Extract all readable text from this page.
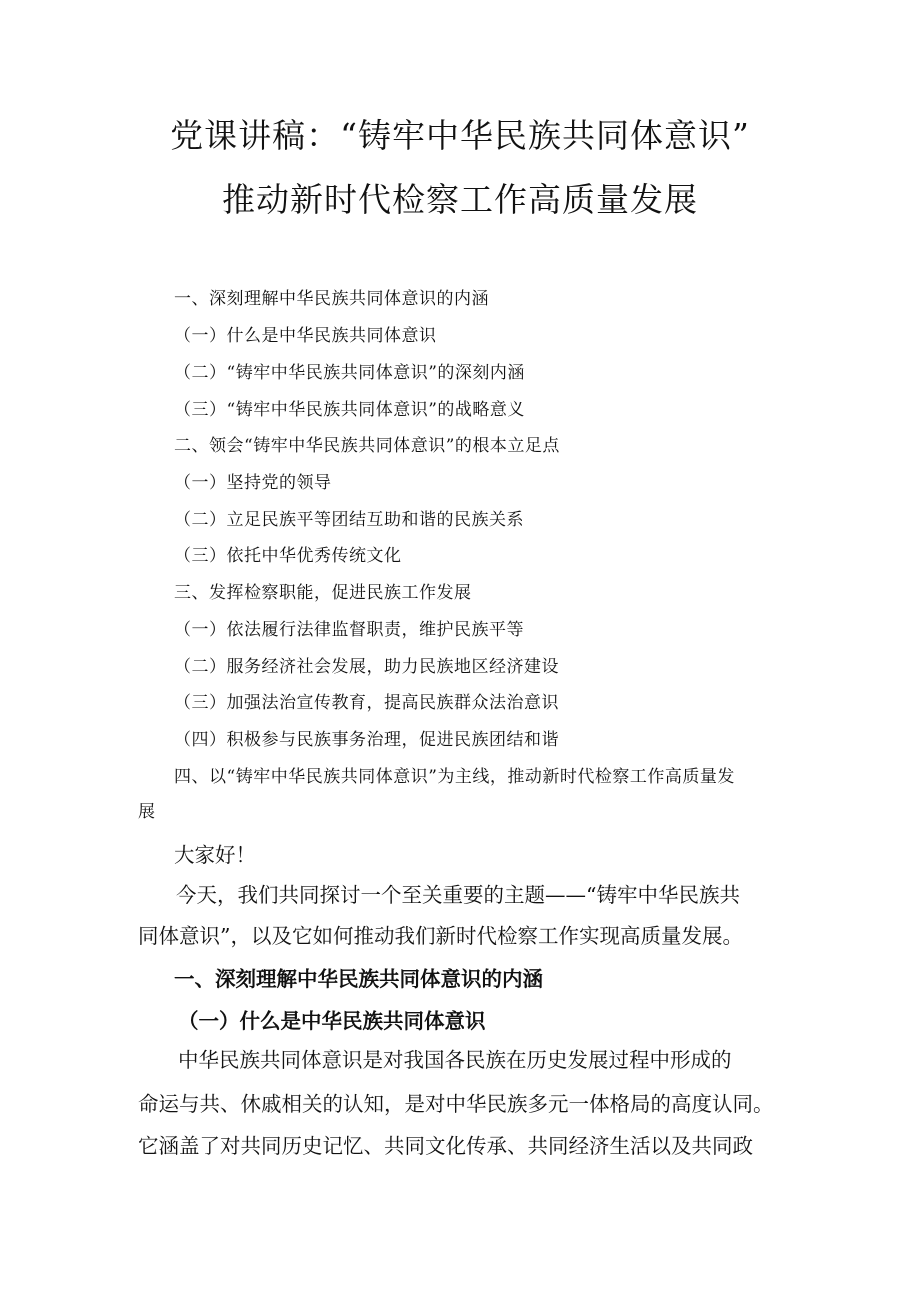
党课讲稿：“铸牢中华民族共同体意识”
推动新时代检察工作高质量发展
一、深刻理解中华民族共同体意识的内涵
（一）什么是中华民族共同体意识
（二）“铸牢中华民族共同体意识”的深刻内涵
（三）“铸牢中华民族共同体意识”的战略意义
二、领会“铸牢中华民族共同体意识”的根本立足点
（一）坚持党的领导
（二）立足民族平等团结互助和谐的民族关系
（三）依托中华优秀传统文化
三、发挥检察职能，促进民族工作发展
（一）依法履行法律监督职责，维护民族平等
（二）服务经济社会发展，助力民族地区经济建设
（三）加强法治宣传教育，提高民族群众法治意识
（四）积极参与民族事务治理，促进民族团结和谐
四、以“铸牢中华民族共同体意识”为主线，推动新时代检察工作高质量发
展
大家好！
今天，我们共同探讨一个至关重要的主题——“铸牢中华民族共
同体意识”，以及它如何推动我们新时代检察工作实现高质量发展。
一、深刻理解中华民族共同体意识的内涵
（一）什么是中华民族共同体意识
中华民族共同体意识是对我国各民族在历史发展过程中形成的
命运与共、休戚相关的认知，是对中华民族多元一体格局的高度认同。
它涵盖了对共同历史记忆、共同文化传承、共同经济生活以及共同政
